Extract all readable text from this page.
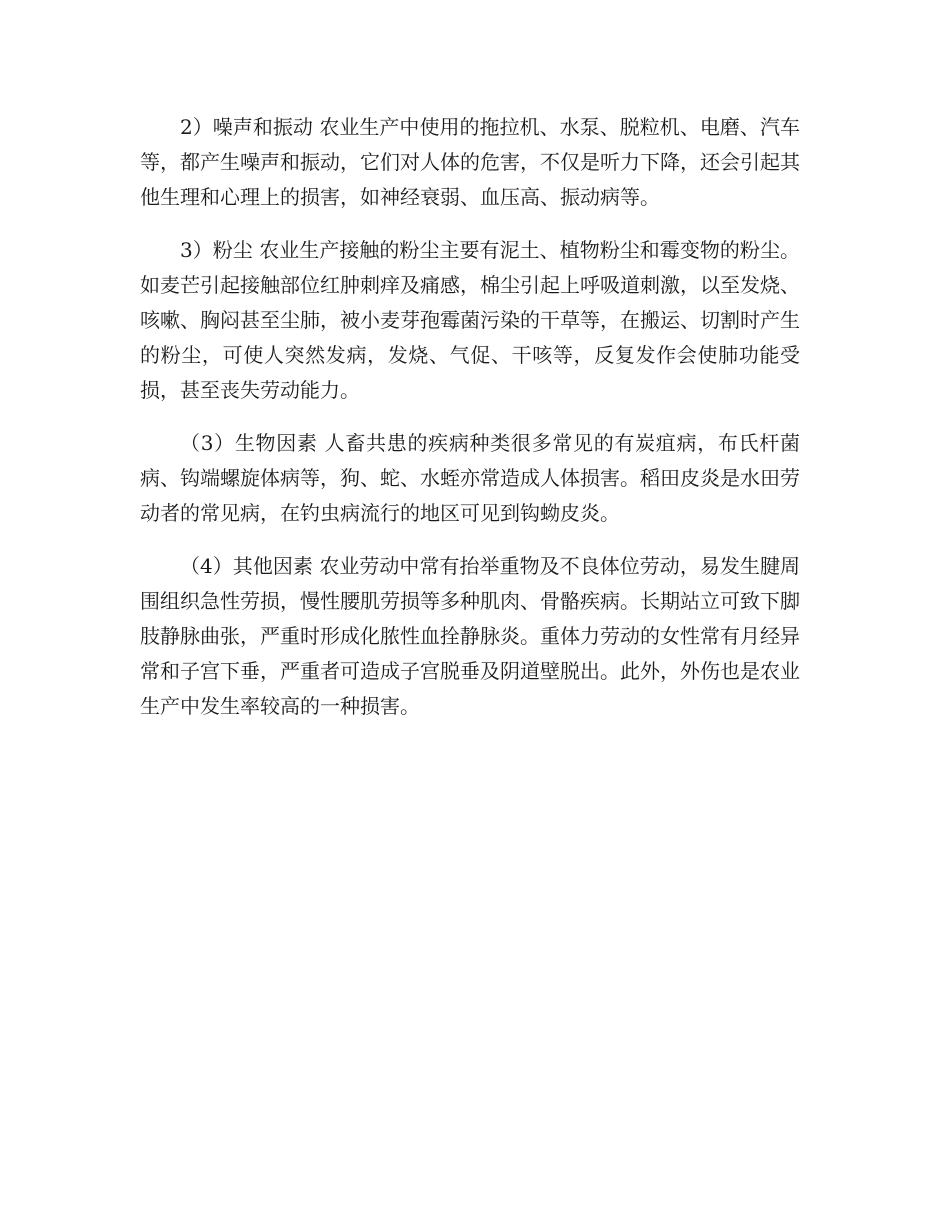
2）噪声和振动 农业生产中使用的拖拉机、水泵、脱粒机、电磨、汽车等，都产生噪声和振动，它们对人体的危害，不仅是听力下降，还会引起其他生理和心理上的损害，如神经衰弱、血压高、振动病等。

3）粉尘 农业生产接触的粉尘主要有泥土、植物粉尘和霉变物的粉尘。如麦芒引起接触部位红肿刺痒及痛感，棉尘引起上呼吸道刺激，以至发烧、咳嗽、胸闷甚至尘肺，被小麦芽孢霉菌污染的干草等，在搬运、切割时产生的粉尘，可使人突然发病，发烧、气促、干咳等，反复发作会使肺功能受损，甚至丧失劳动能力。

（3）生物因素 人畜共患的疾病种类很多常见的有炭疽病，布氏杆菌病、钩端螺旋体病等，狗、蛇、水蛭亦常造成人体损害。稻田皮炎是水田劳动者的常见病，在钓虫病流行的地区可见到钩蚴皮炎。

（4）其他因素 农业劳动中常有抬举重物及不良体位劳动，易发生腱周围组织急性劳损，慢性腰肌劳损等多种肌肉、骨骼疾病。长期站立可致下脚肢静脉曲张，严重时形成化脓性血拴静脉炎。重体力劳动的女性常有月经异常和子宫下垂，严重者可造成子宫脱垂及阴道壁脱出。此外，外伤也是农业生产中发生率较高的一种损害。
